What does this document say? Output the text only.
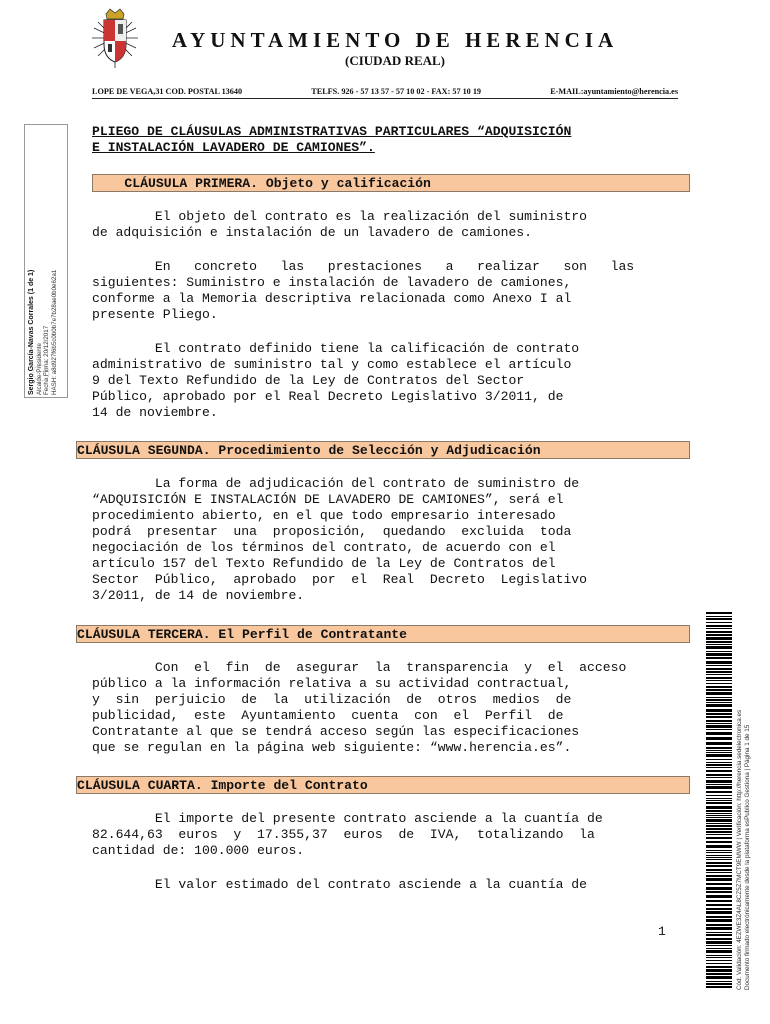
AYUNTAMIENTO DE HERENCIA
(CIUDAD REAL)
LOPE DE VEGA,31 COD. POSTAL 13640	TELFS. 926 - 57 13 57 - 57 10 02 - FAX: 57 10 19	E-MAIL:ayuntamiento@herencia.es
Sergio García-Navas Corrales (1 de 1) Alcalde-Presidente Fecha Firma: 20/12/2017 HASH: a8d927f6b5c0b0b7e7b28ae0b0e62a1
PLIEGO DE CLÁUSULAS ADMINISTRATIVAS PARTICULARES “ADQUISICIÓN
E INSTALACIÓN LAVADERO DE CAMIONES”.
CLÁUSULA PRIMERA. Objeto y calificación
El objeto del contrato es la realización del suministro
de adquisición e instalación de un lavadero de camiones.
En   concreto   las   prestaciones   a   realizar   son   las
siguientes: Suministro e instalación de lavadero de camiones,
conforme a la Memoria descriptiva relacionada como Anexo I al
presente Pliego.
El contrato definido tiene la calificación de contrato
administrativo de suministro tal y como establece el artículo
9 del Texto Refundido de la Ley de Contratos del Sector
Público, aprobado por el Real Decreto Legislativo 3/2011, de
14 de noviembre.
CLÁUSULA SEGUNDA. Procedimiento de Selección y Adjudicación
La forma de adjudicación del contrato de suministro de
“ADQUISICIÓN E INSTALACIÓN DE LAVADERO DE CAMIONES”, será el
procedimiento abierto, en el que todo empresario interesado
podrá  presentar  una  proposición,  quedando  excluida  toda
negociación de los términos del contrato, de acuerdo con el
artículo 157 del Texto Refundido de la Ley de Contratos del
Sector  Público,  aprobado  por  el  Real  Decreto  Legislativo
3/2011, de 14 de noviembre.
CLÁUSULA TERCERA. El Perfil de Contratante
Con  el  fin  de  asegurar  la  transparencia  y  el  acceso
público a la información relativa a su actividad contractual,
y  sin  perjuicio  de  la  utilización  de  otros  medios  de
publicidad,  este  Ayuntamiento  cuenta  con  el  Perfil  de
Contratante al que se tendrá acceso según las especificaciones
que se regulan en la página web siguiente: “www.herencia.es”.
CLÁUSULA CUARTA. Importe del Contrato
El importe del presente contrato asciende a la cuantía de
82.644,63  euros  y  17.355,37  euros  de  IVA,  totalizando  la
cantidad de: 100.000 euros.
El valor estimado del contrato asciende a la cuantía de
1	Cód. Validación: 4EZWE3Z4AL8CZ5Z7MCT9EMWW | Verificación: http://herencia.sedelectronica.es Documento firmado electrónicamente desde la plataforma esPublico Gestiona | Página 1 de 15
